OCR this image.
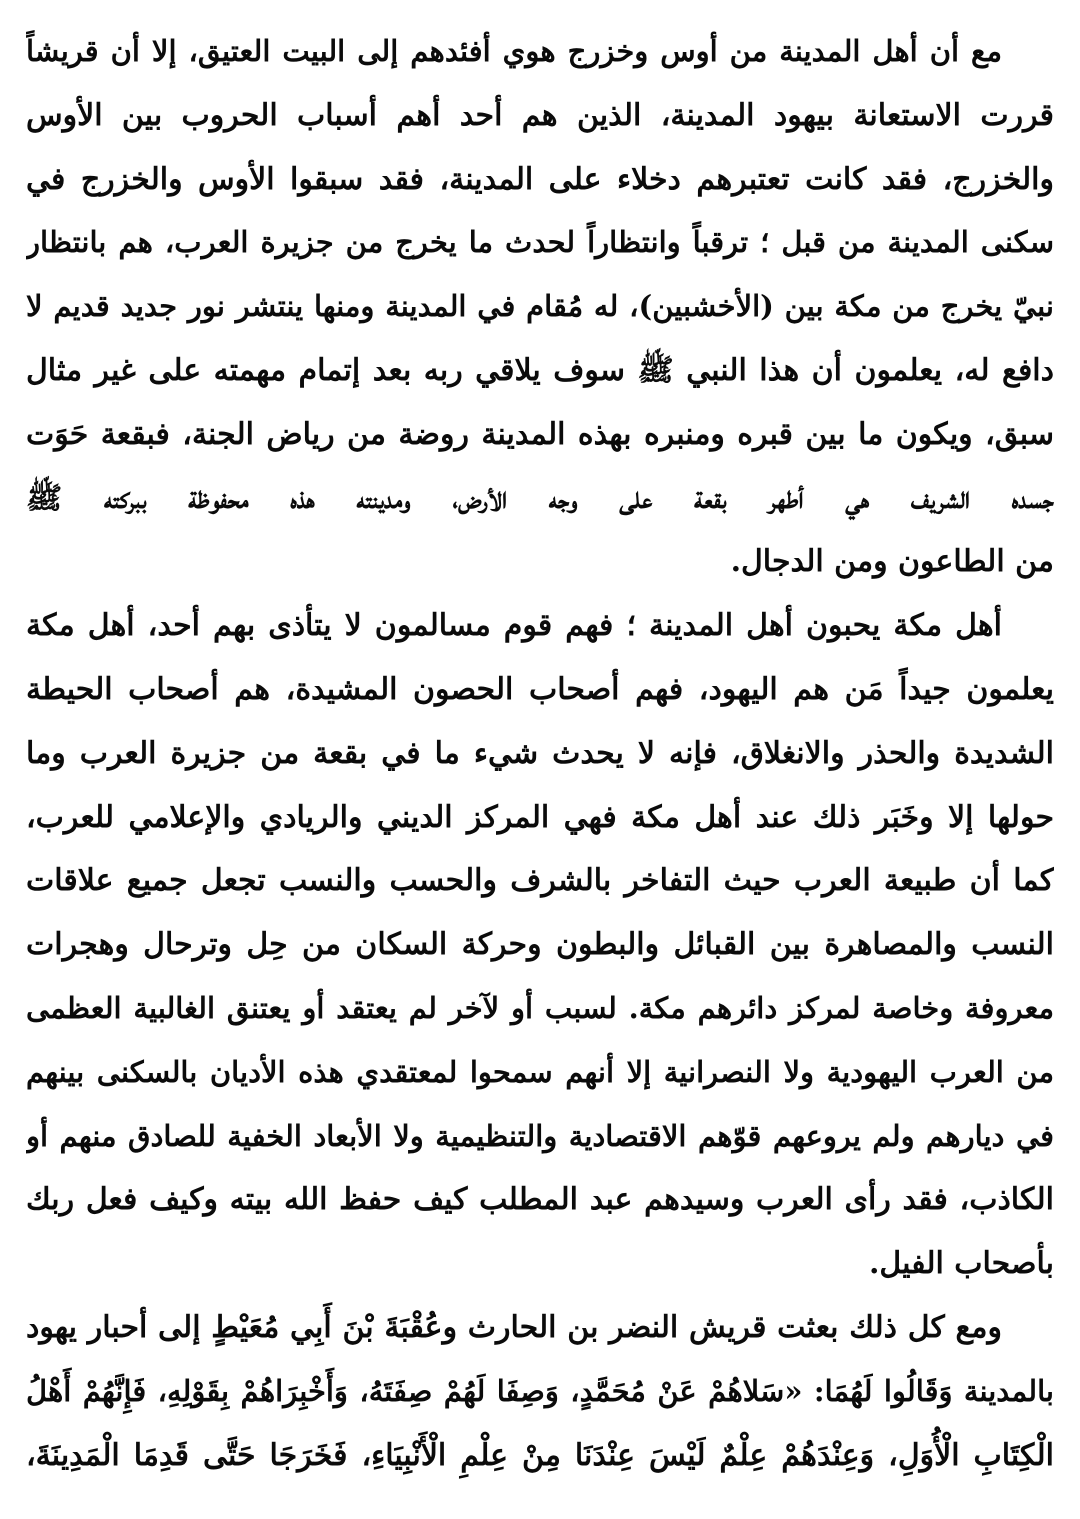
مع أن أهل المدينة من أوس وخزرج هوي أفئدهم إلى البيت العتيق، إلا أن قريشاً
قررت الاستعانة بيهود المدينة، الذين هم أحد أهم أسباب الحروب بين الأوس
والخزرج، فقد كانت تعتبرهم دخلاء على المدينة، فقد سبقوا الأوس والخزرج في
سكنى المدينة من قبل ؛ ترقباً وانتظاراً لحدث ما يخرج من جزيرة العرب، هم بانتظار
نبيّ يخرج من مكة بين (الأخشبين)، له مُقام في المدينة ومنها ينتشر نور جديد قديم لا
دافع له، يعلمون أن هذا النبي ﷺ سوف يلاقي ربه بعد إتمام مهمته على غير مثال
سبق، ويكون ما بين قبره ومنبره بهذه المدينة روضة من رياض الجنة، فبقعة حَوَت
جسده الشريف هي أطهر بقعة على وجه الأرض، ومدينته هذه محفوظة ببركته ﷺ
من الطاعون ومن الدجال.
أهل مكة يحبون أهل المدينة ؛ فهم قوم مسالمون لا يتأذى بهم أحد، أهل مكة
يعلمون جيداً مَن هم اليهود، فهم أصحاب الحصون المشيدة، هم أصحاب الحيطة
الشديدة والحذر والانغلاق، فإنه لا يحدث شيء ما في بقعة من جزيرة العرب وما
حولها إلا وخَبَر ذلك عند أهل مكة فهي المركز الديني والريادي والإعلامي للعرب،
كما أن طبيعة العرب حيث التفاخر بالشرف والحسب والنسب تجعل جميع علاقات
النسب والمصاهرة بين القبائل والبطون وحركة السكان من حِل وترحال وهجرات
معروفة وخاصة لمركز دائرهم مكة. لسبب أو لآخر لم يعتقد أو يعتنق الغالبية العظمى
من العرب اليهودية ولا النصرانية إلا أنهم سمحوا لمعتقدي هذه الأديان بالسكنى بينهم
في ديارهم ولم يروعهم قوّهم الاقتصادية والتنظيمية ولا الأبعاد الخفية للصادق منهم أو
الكاذب، فقد رأى العرب وسيدهم عبد المطلب كيف حفظ الله بيته وكيف فعل ربك
بأصحاب الفيل.
ومع كل ذلك بعثت قريش النضر بن الحارث وعُقْبَةَ بْنَ أَبِي مُعَيْطٍ إلى أحبار يهود
بالمدينة وَقَالُوا لَهُمَا: «سَلاهُمْ عَنْ مُحَمَّدٍ، وَصِفَا لَهُمْ صِفَتَهُ، وَأَخْبِرَاهُمْ بِقَوْلِهِ، فَإِنَّهُمْ أَهْلُ
الْكِتَابِ الْأُوَلِ، وَعِنْدَهُمْ عِلْمٌ لَيْسَ عِنْدَنَا مِنْ عِلْمِ الْأَنْبِيَاءِ، فَخَرَجَا حَتَّى قَدِمَا الْمَدِينَةَ،
